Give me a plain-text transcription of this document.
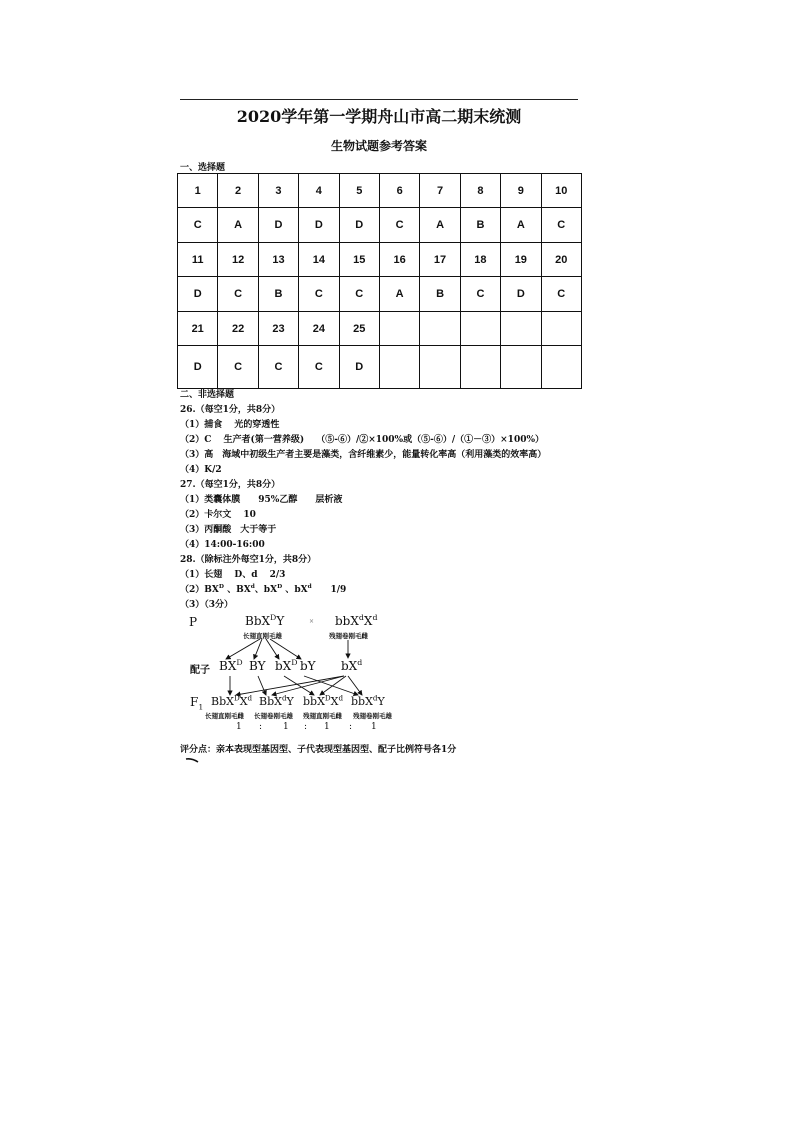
2020学年第一学期舟山市高二期末统测
生物试题参考答案
一、选择题
1	2	3	4	5	6	7	8	9	10
C	A	D	D	D	C	A	B	A	C
11	12	13	14	15	16	17	18	19	20
D	C	B	C	C	A	B	C	D	C
21	22	23	24	25					
D	C	C	C	D					
二、非选择题
26.（每空1分，共8分）
（1）捕食　 光的穿透性
（2）C　 生产者(第一营养级)　 （⑤-⑥）/②×100%或（⑤-⑥）/（①－③）×100%）
（3）高　海域中初级生产者主要是藻类，含纤维素少，能量转化率高（利用藻类的效率高）
（4）K/2
27.（每空1分，共8分）
（1）类囊体膜　　95%乙醇　　层析液
（2）卡尔文　 10
（3）丙酮酸　大于等于
（4）14:00-16:00
28.（除标注外每空1分，共8分）
（1）长翅　 D、d　 2/3
$(2)BX^D$ 、$BX^d$、$bX^D$ 、$bX^d$ 1/9
（3）（3分）
P	BbX$^D$Y	× $bbX^dX^d$
长翅直刚毛雄	残翅卷刚毛雌
配子 $BX^D$ BY $bX^D$ bY $bX^d$
$F_1$ $BbX^DX^d$ BbX$^d$Y $bbX^DX^d$ bbX$^d$Y
长翅直刚毛雌 长翅卷刚毛雄 残翅直刚毛雌 残翅卷刚毛雄
1 : 1 : 1 : 1
评分点：亲本表现型基因型、子代表现型基因型、配子比例符号各1分
